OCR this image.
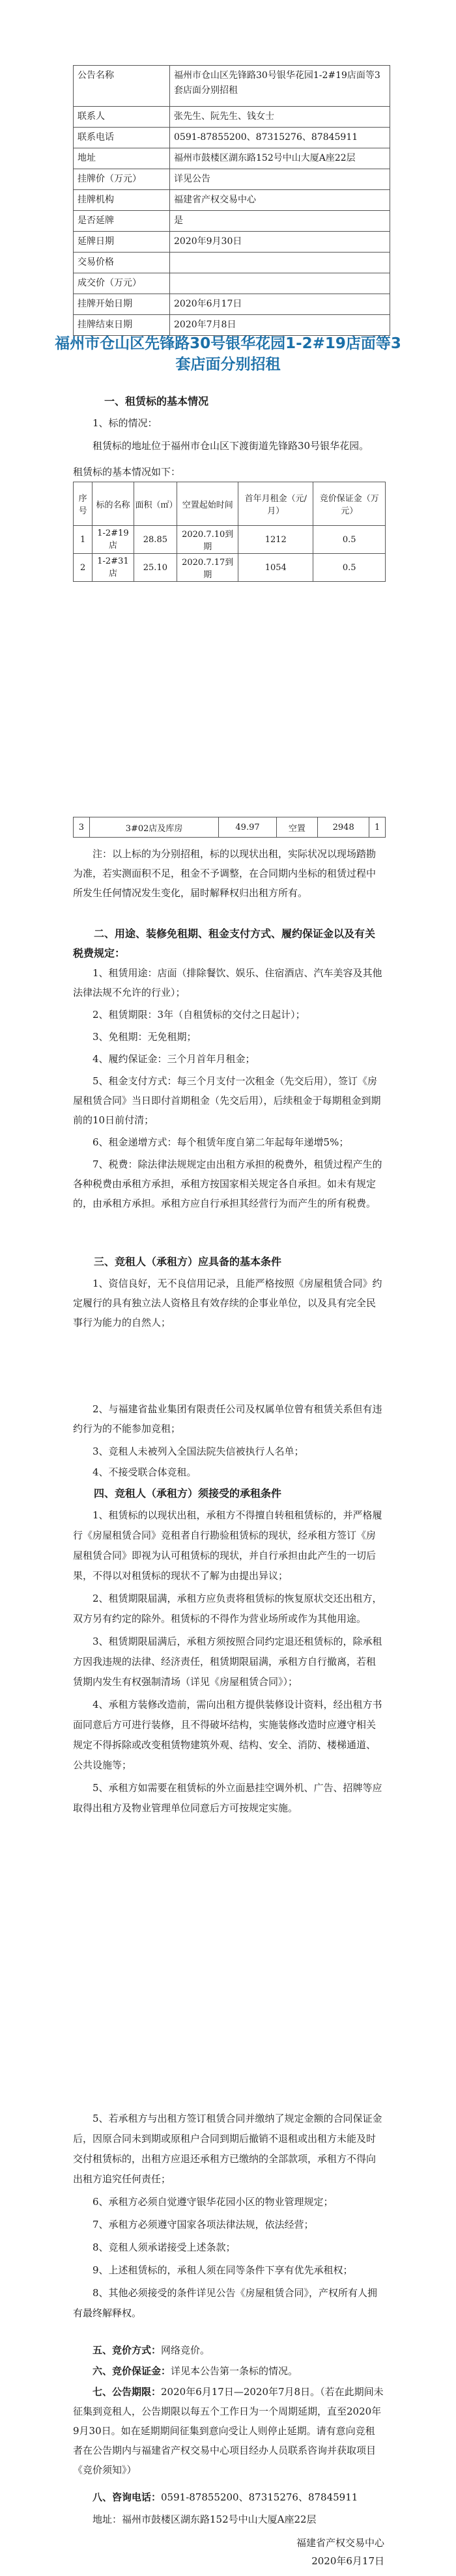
公告名称	福州市仓山区先锋路30号银华花园1-2#19店面等3套店面分别招租
联系人	张先生、阮先生、钱女士
联系电话	0591-87855200、87315276、87845911
地址	福州市鼓楼区湖东路152号中山大厦A座22层
挂牌价（万元）	详见公告
挂牌机构	福建省产权交易中心
是否延牌	是
延牌日期	2020年9月30日
交易价格	
成交价（万元）	
挂牌开始日期	2020年6月17日
挂牌结束日期	2020年7月8日
福州市仓山区先锋路30号银华花园1-2#19店面等3套店面分别招租
一、租赁标的基本情况
1、标的情况：
租赁标的地址位于福州市仓山区下渡街道先锋路30号银华花园。
租赁标的基本情况如下：
序号	标的名称	面积（㎡）	空置起始时间	首年月租金（元/月）	竞价保证金（万元）
1	1-2#19店	28.85	2020.7.10到期	1212	0.5
2	1-2#31店	25.10	2020.7.17到期	1054	0.5
3	3#02店及库房	49.97	空置	2948	1
注：以上标的为分别招租，标的以现状出租，实际状况以现场踏勘为准，若实测面积不足，租金不予调整，在合同期内坐标的租赁过程中所发生任何情况发生变化，届时解释权归出租方所有。
二、用途、装修免租期、租金支付方式、履约保证金以及有关税费规定：
1、租赁用途：店面（排除餐饮、娱乐、住宿酒店、汽车美容及其他法律法规不允许的行业）；
2、租赁期限：3年（自租赁标的交付之日起计）；
3、免租期：无免租期；
4、履约保证金：三个月首年月租金；
5、租金支付方式：每三个月支付一次租金（先交后用），签订《房屋租赁合同》当日即付首期租金（先交后用），后续租金于每期租金到期前的10日前付清；
6、租金递增方式：每个租赁年度自第二年起每年递增5%；
7、税费：除法律法规规定由出租方承担的税费外，租赁过程产生的各种税费由承租方承担，承租方按国家相关规定各自承担。如未有规定的，由承租方承担。承租方应自行承担其经营行为而产生的所有税费。
三、竞租人（承租方）应具备的基本条件
1、资信良好，无不良信用记录，且能严格按照《房屋租赁合同》约定履行的具有独立法人资格且有效存续的企事业单位，以及具有完全民事行为能力的自然人；
2、与福建省盐业集团有限责任公司及权属单位曾有租赁关系但有违约行为的不能参加竞租；
3、竞租人未被列入全国法院失信被执行人名单；
4、不接受联合体竞租。
四、竞租人（承租方）须接受的承租条件
1、租赁标的以现状出租，承租方不得擅自转租租赁标的，并严格履行《房屋租赁合同》竞租者自行勘验租赁标的现状，经承租方签订《房屋租赁合同》即视为认可租赁标的现状，并自行承担由此产生的一切后果，不得以对租赁标的现状不了解为由提出异议；
2、租赁期限届满，承租方应负责将租赁标的恢复原状交还出租方，双方另有约定的除外。租赁标的不得作为营业场所或作为其他用途。
3、租赁期限届满后，承租方须按照合同约定退还租赁标的，除承租方因我违规的法律、经济责任，租赁期限届满，承租方自行撤离，若租赁期内发生有权强制清场（详见《房屋租赁合同》）；
4、承租方装修改造前，需向出租方提供装修设计资料，经出租方书面同意后方可进行装修，且不得破坏结构，实施装修改造时应遵守相关规定不得拆除或改变租赁物建筑外观、结构、安全、消防、楼梯通道、公共设施等；
5、承租方如需要在租赁标的外立面悬挂空调外机、广告、招牌等应取得出租方及物业管理单位同意后方可按规定实施。
5、若承租方与出租方签订租赁合同并缴纳了规定金额的合同保证金后，因原合同未到期或原租户合同到期后撤销不退租或出租方未能及时交付租赁标的，出租方应退还承租方已缴纳的全部款项，承租方不得向出租方追究任何责任；
6、承租方必须自觉遵守银华花园小区的物业管理规定；
7、承租方必须遵守国家各项法律法规，依法经营；
8、竞租人须承诺接受上述条款；
9、上述租赁标的，承租人须在同等条件下享有优先承租权；
8、其他必须接受的条件详见公告《房屋租赁合同》，产权所有人拥有最终解释权。
五、竞价方式：网络竞价。
六、竞价保证金：详见本公告第一条标的情况。
七、公告期限：2020年6月17日—2020年7月8日。（若在此期间未征集到竞租人，公告期限以每五个工作日为一个周期延期，直至2020年9月30日。如在延期期间征集到意向受让人则停止延期。请有意向竞租者在公告期内与福建省产权交易中心项目经办人员联系咨询并获取项目《竞价须知》）
八、咨询电话：0591-87855200、87315276、87845911
地址：福州市鼓楼区湖东路152号中山大厦A座22层
福建省产权交易中心
2020年6月17日
